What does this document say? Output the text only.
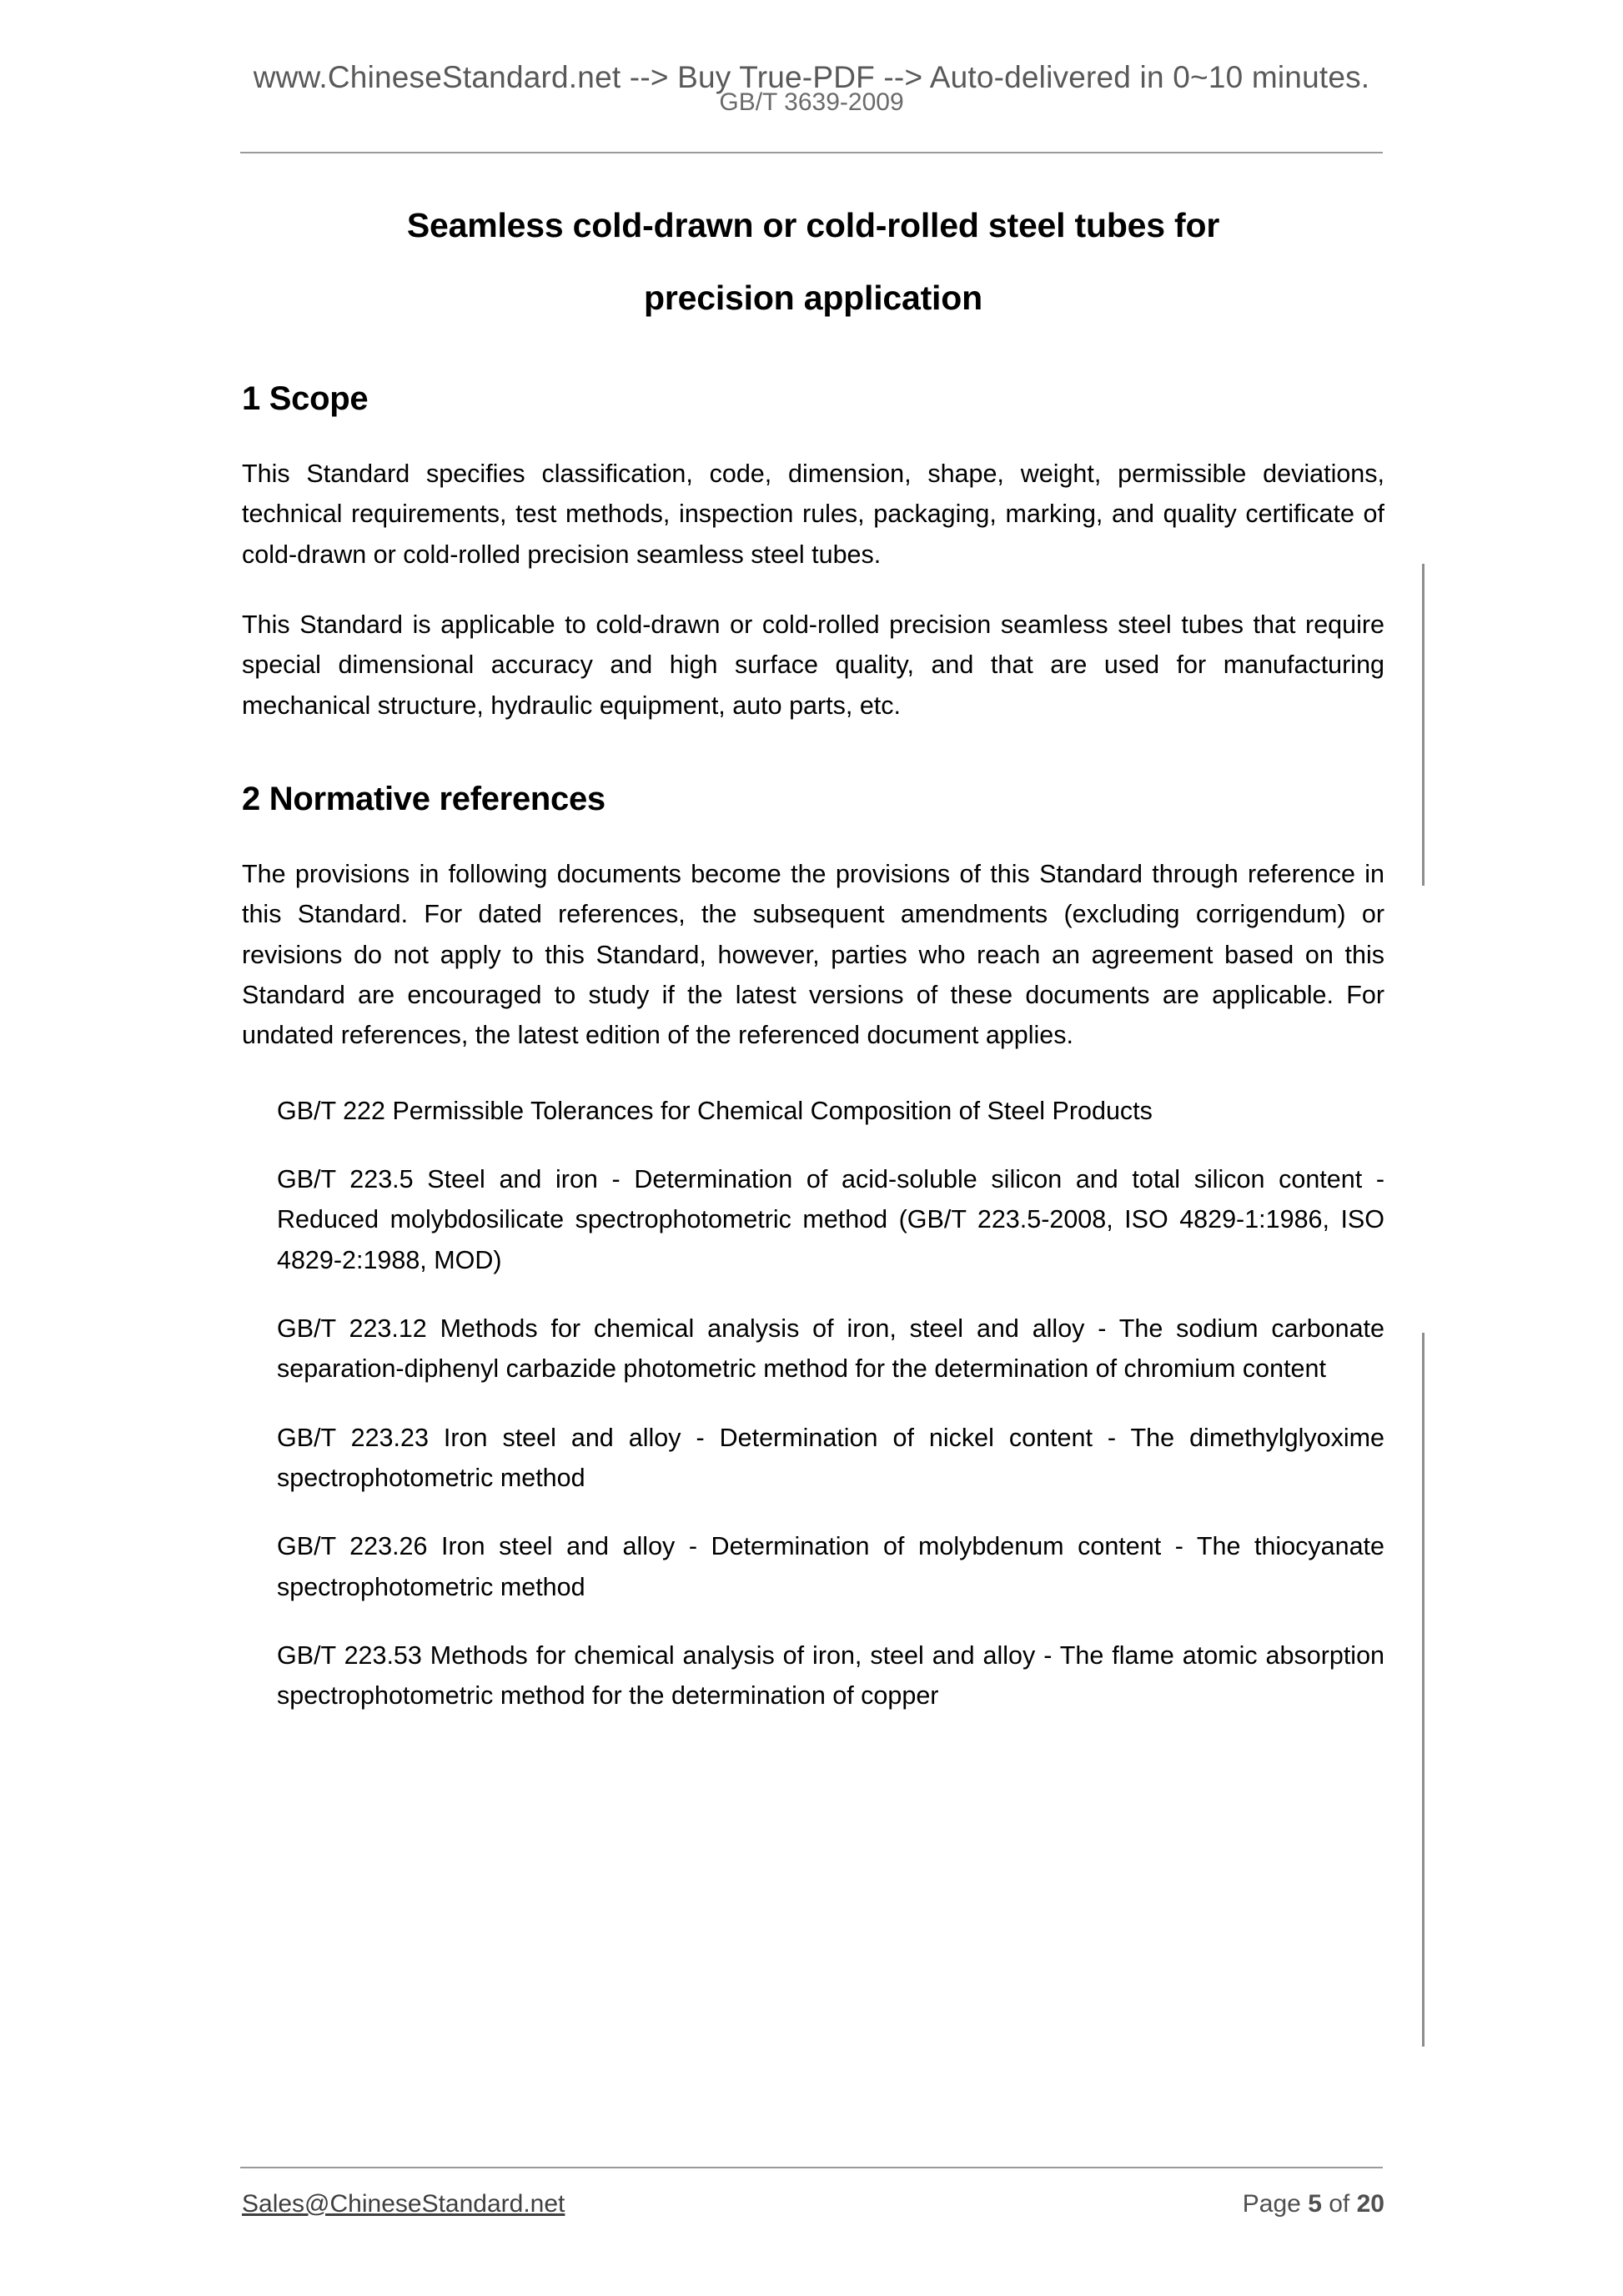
www.ChineseStandard.net --> Buy True-PDF --> Auto-delivered in 0~10 minutes.
GB/T 3639-2009
Seamless cold-drawn or cold-rolled steel tubes for
precision application
1 Scope

This Standard specifies classification, code, dimension, shape, weight, permissible deviations, technical requirements, test methods, inspection rules, packaging, marking, and quality certificate of cold-drawn or cold-rolled precision seamless steel tubes.

This Standard is applicable to cold-drawn or cold-rolled precision seamless steel tubes that require special dimensional accuracy and high surface quality, and that are used for manufacturing mechanical structure, hydraulic equipment, auto parts, etc.

2 Normative references

The provisions in following documents become the provisions of this Standard through reference in this Standard. For dated references, the subsequent amendments (excluding corrigendum) or revisions do not apply to this Standard, however, parties who reach an agreement based on this Standard are encouraged to study if the latest versions of these documents are applicable. For undated references, the latest edition of the referenced document applies.

GB/T 222 Permissible Tolerances for Chemical Composition of Steel Products
GB/T 223.5 Steel and iron - Determination of acid-soluble silicon and total silicon content - Reduced molybdosilicate spectrophotometric method (GB/T 223.5-2008, ISO 4829-1:1986, ISO 4829-2:1988, MOD)
GB/T 223.12 Methods for chemical analysis of iron, steel and alloy - The sodium carbonate separation-diphenyl carbazide photometric method for the determination of chromium content
GB/T 223.23 Iron steel and alloy - Determination of nickel content - The dimethylglyoxime spectrophotometric method
GB/T 223.26 Iron steel and alloy - Determination of molybdenum content - The thiocyanate spectrophotometric method
GB/T 223.53 Methods for chemical analysis of iron, steel and alloy - The flame atomic absorption spectrophotometric method for the determination of copper
Sales@ChineseStandard.net	Page 5 of 20
